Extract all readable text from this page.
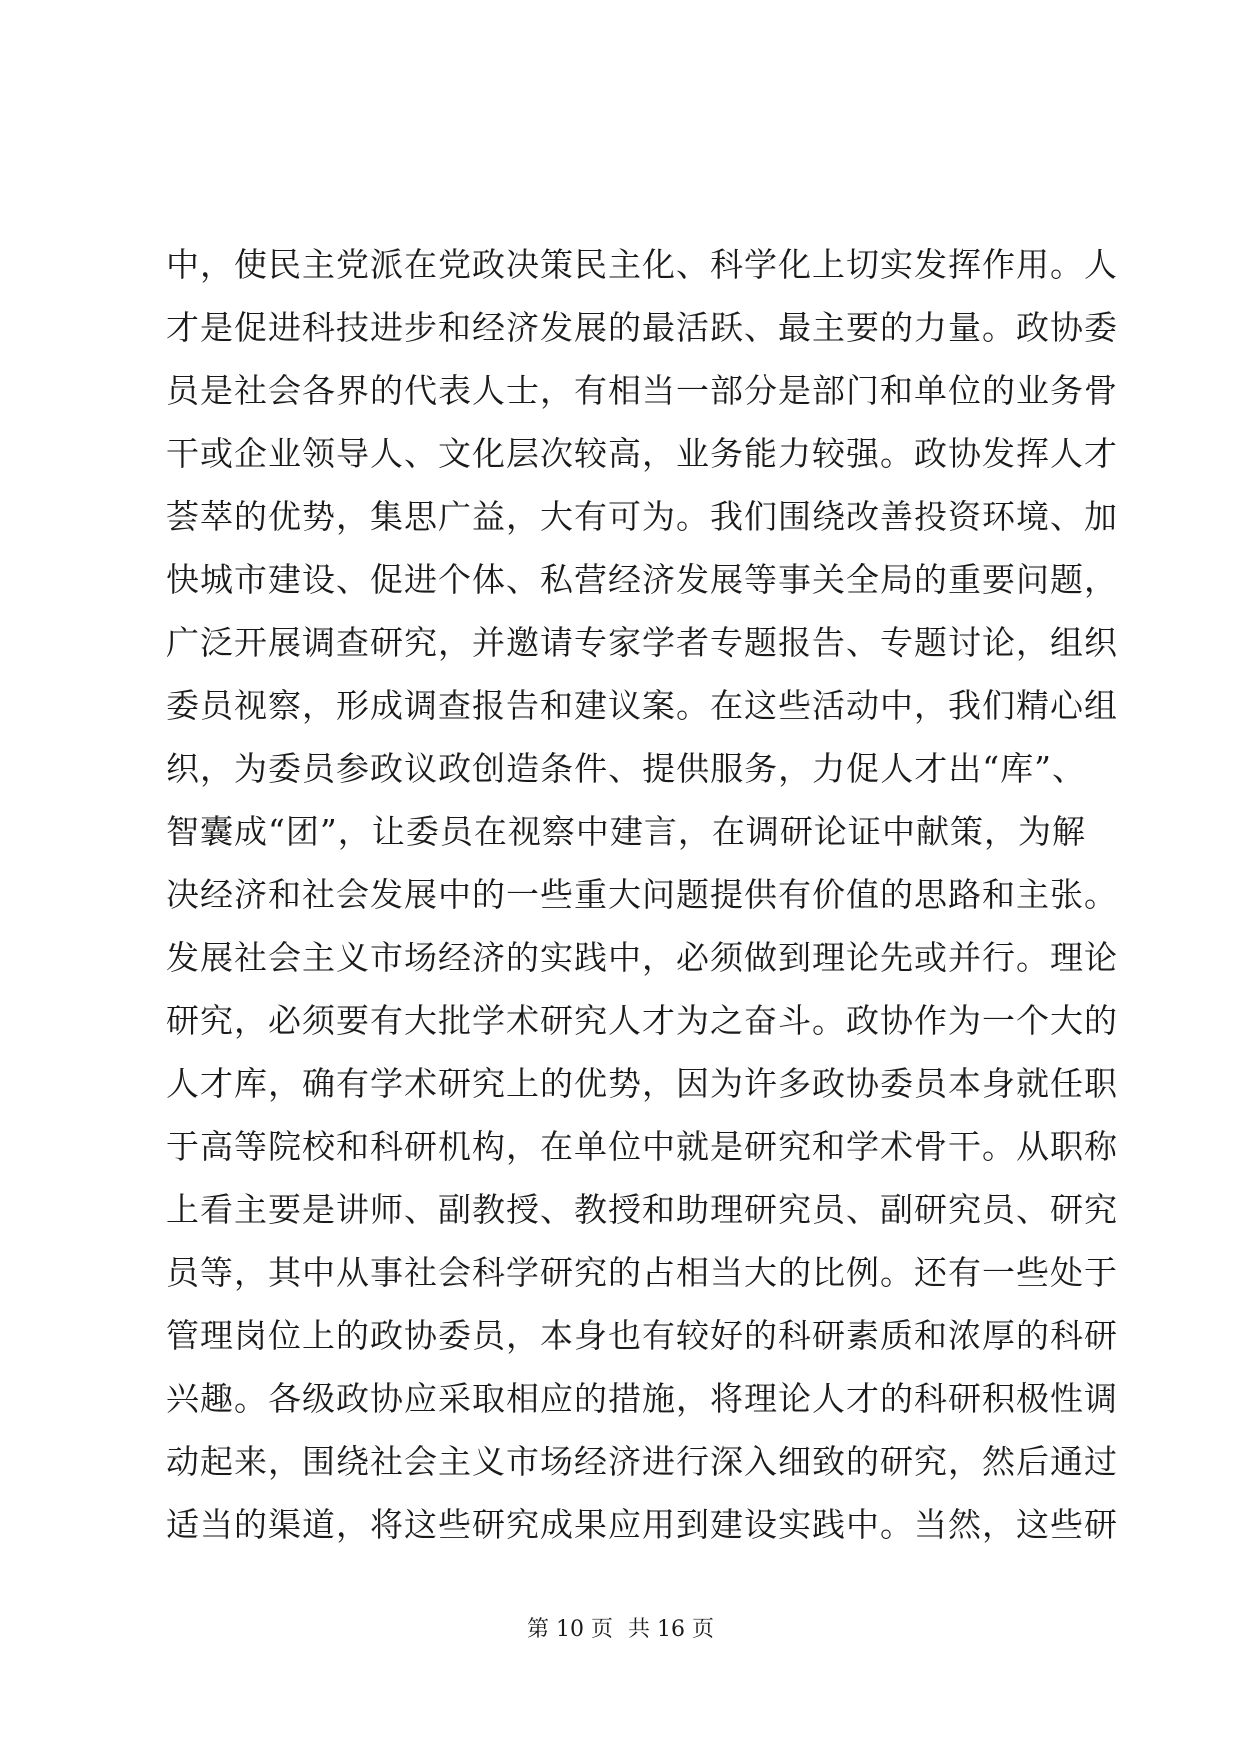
中，使民主党派在党政决策民主化、科学化上切实发挥作用。人
才是促进科技进步和经济发展的最活跃、最主要的力量。政协委
员是社会各界的代表人士，有相当一部分是部门和单位的业务骨
干或企业领导人、文化层次较高，业务能力较强。政协发挥人才
荟萃的优势，集思广益，大有可为。我们围绕改善投资环境、加
快城市建设、促进个体、私营经济发展等事关全局的重要问题，
广泛开展调查研究，并邀请专家学者专题报告、专题讨论，组织
委员视察，形成调查报告和建议案。在这些活动中，我们精心组
织，为委员参政议政创造条件、提供服务，力促人才出“库”、
智囊成“团”，让委员在视察中建言，在调研论证中献策，为解
决经济和社会发展中的一些重大问题提供有价值的思路和主张。
发展社会主义市场经济的实践中，必须做到理论先或并行。理论
研究，必须要有大批学术研究人才为之奋斗。政协作为一个大的
人才库，确有学术研究上的优势，因为许多政协委员本身就任职
于高等院校和科研机构，在单位中就是研究和学术骨干。从职称
上看主要是讲师、副教授、教授和助理研究员、副研究员、研究
员等，其中从事社会科学研究的占相当大的比例。还有一些处于
管理岗位上的政协委员，本身也有较好的科研素质和浓厚的科研
兴趣。各级政协应采取相应的措施，将理论人才的科研积极性调
动起来，围绕社会主义市场经济进行深入细致的研究，然后通过
适当的渠道，将这些研究成果应用到建设实践中。当然，这些研
第 10 页 共 16 页
